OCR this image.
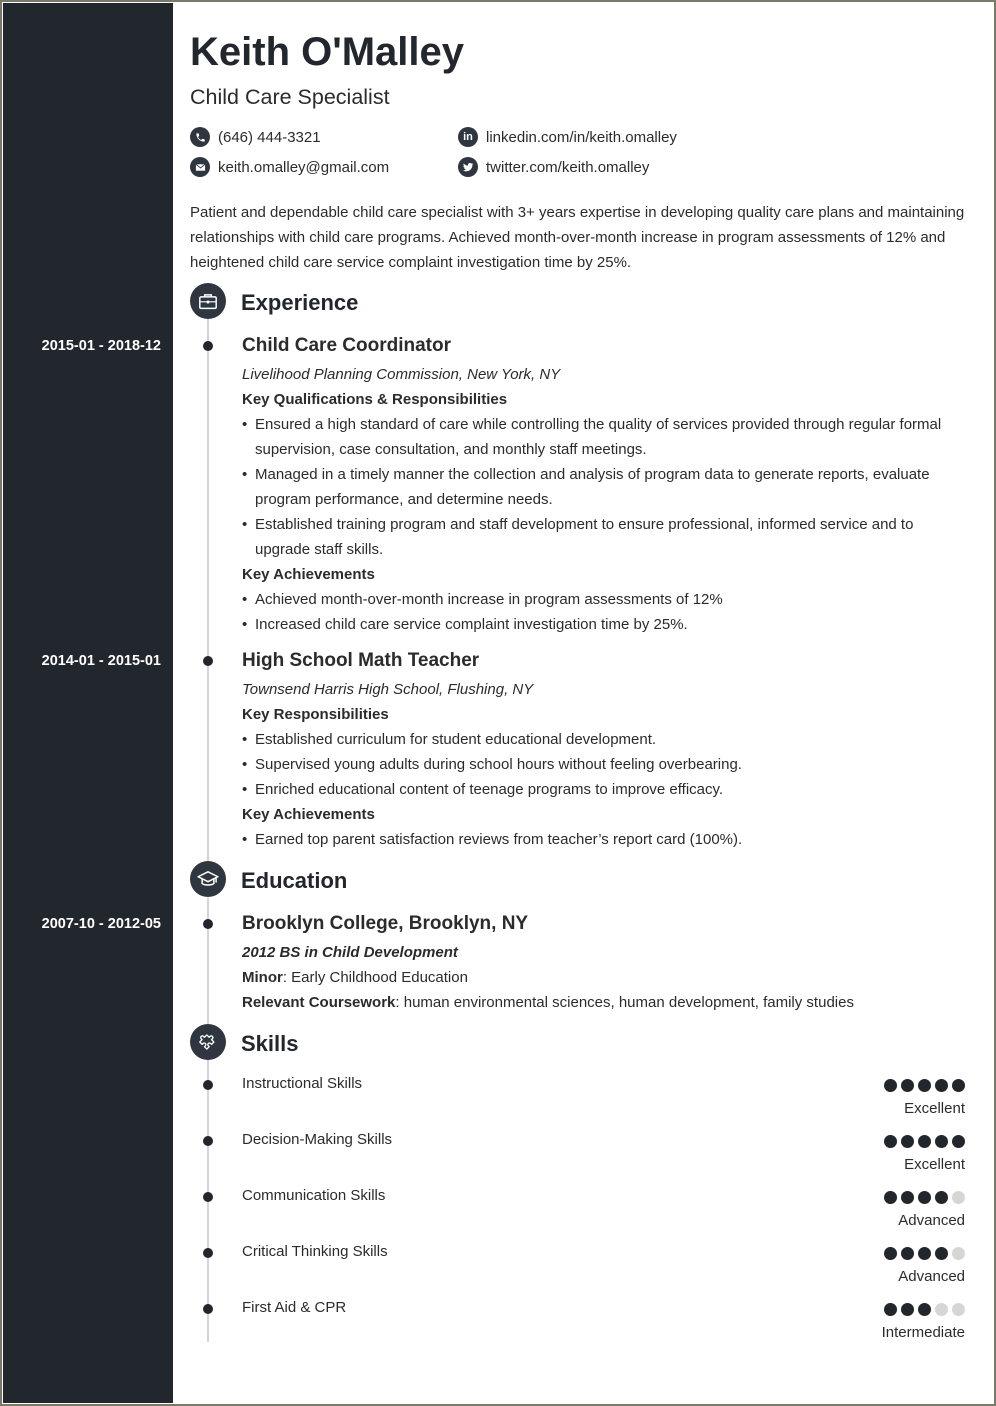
2015-01 - 2018-12
2014-01 - 2015-01
2007-10 - 2012-05
Keith O'Malley
Child Care Specialist
(646) 444-3321
keith.omalley@gmail.com
in linkedin.com/in/keith.omalley
twitter.com/keith.omalley
Patient and dependable child care specialist with 3+ years expertise in developing quality care plans and maintaining relationships with child care programs. Achieved month-over-month increase in program assessments of 12% and heightened child care service complaint investigation time by 25%.
Experience
Child Care Coordinator
Livelihood Planning Commission, New York, NY
Key Qualifications & Responsibilities
• Ensured a high standard of care while controlling the quality of services provided through regular formal supervision, case consultation, and monthly staff meetings.
• Managed in a timely manner the collection and analysis of program data to generate reports, evaluate program performance, and determine needs.
• Established training program and staff development to ensure professional, informed service and to upgrade staff skills.
Key Achievements
• Achieved month-over-month increase in program assessments of 12%
• Increased child care service complaint investigation time by 25%.
High School Math Teacher
Townsend Harris High School, Flushing, NY
Key Responsibilities
• Established curriculum for student educational development.
• Supervised young adults during school hours without feeling overbearing.
• Enriched educational content of teenage programs to improve efficacy.
Key Achievements
• Earned top parent satisfaction reviews from teacher’s report card (100%).
Education
Brooklyn College, Brooklyn, NY
2012 BS in Child Development
Minor: Early Childhood Education
Relevant Coursework: human environmental sciences, human development, family studies
Skills
Instructional Skills
Excellent
Decision-Making Skills
Excellent
Communication Skills
Advanced
Critical Thinking Skills
Advanced
First Aid & CPR
Intermediate
